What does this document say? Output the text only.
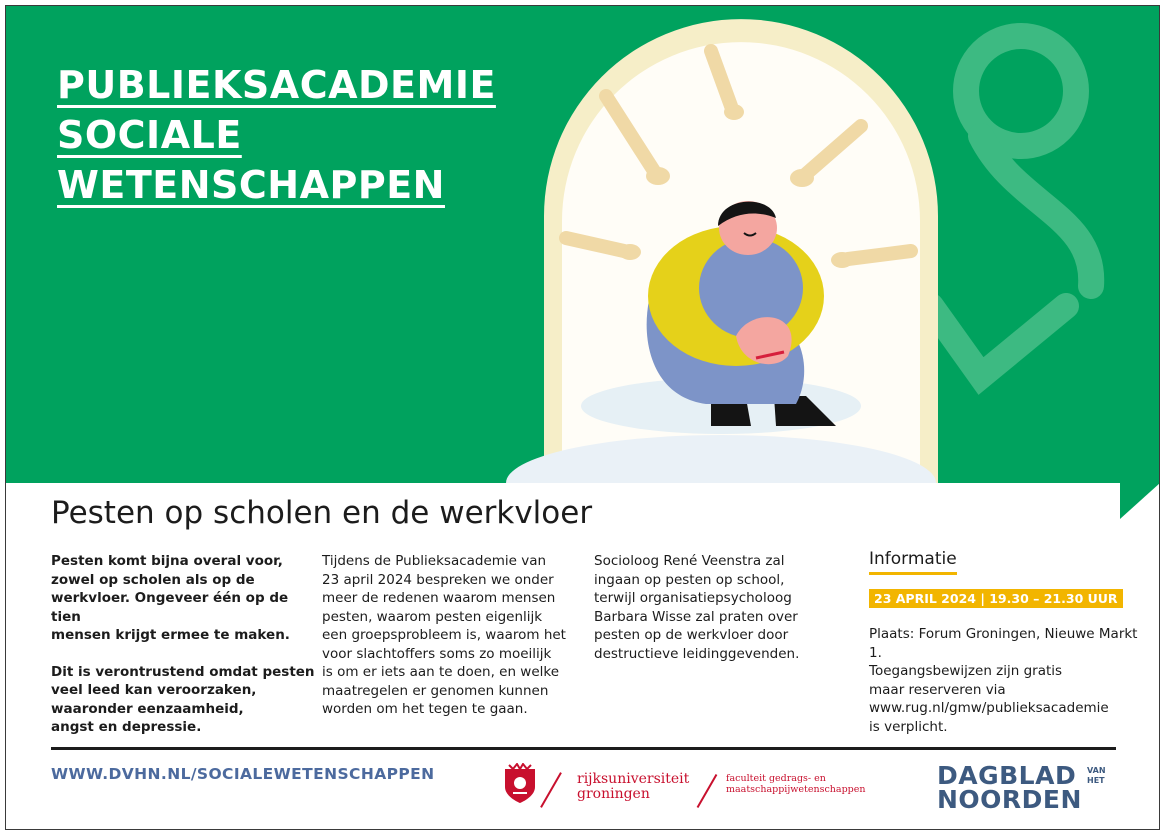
PUBLIEKSACADEMIE
SOCIALE
WETENSCHAPPEN
Pesten op scholen en de werkvloer

Pesten komt bijna overal voor,
zowel op scholen als op de
werkvloer. Ongeveer één op de tien
mensen krijgt ermee te maken.

Dit is verontrustend omdat pesten
veel leed kan veroorzaken,
waaronder eenzaamheid,
angst en depressie.

Tijdens de Publieksacademie van
23 april 2024 bespreken we onder
meer de redenen waarom mensen
pesten, waarom pesten eigenlijk
een groepsprobleem is, waarom het
voor slachtoffers soms zo moeilijk
is om er iets aan te doen, en welke
maatregelen er genomen kunnen
worden om het tegen te gaan.

Socioloog René Veenstra zal
ingaan op pesten op school,
terwijl organisatiepsycholoog
Barbara Wisse zal praten over
pesten op de werkvloer door
destructieve leidinggevenden.

Informatie
23 APRIL 2024 | 19.30 – 21.30 UUR
Plaats: Forum Groningen, Nieuwe Markt 1.
Toegangsbewijzen zijn gratis
maar reserveren via
www.rug.nl/gmw/publieksacademie
is verplicht.
WWW.DVHN.NL/SOCIALEWETENSCHAPPEN	rijksuniversiteit
groningen
faculteit gedrags- en
maatschappijwetenschappen	DAGBLAD VAN
HET
NOORDEN
